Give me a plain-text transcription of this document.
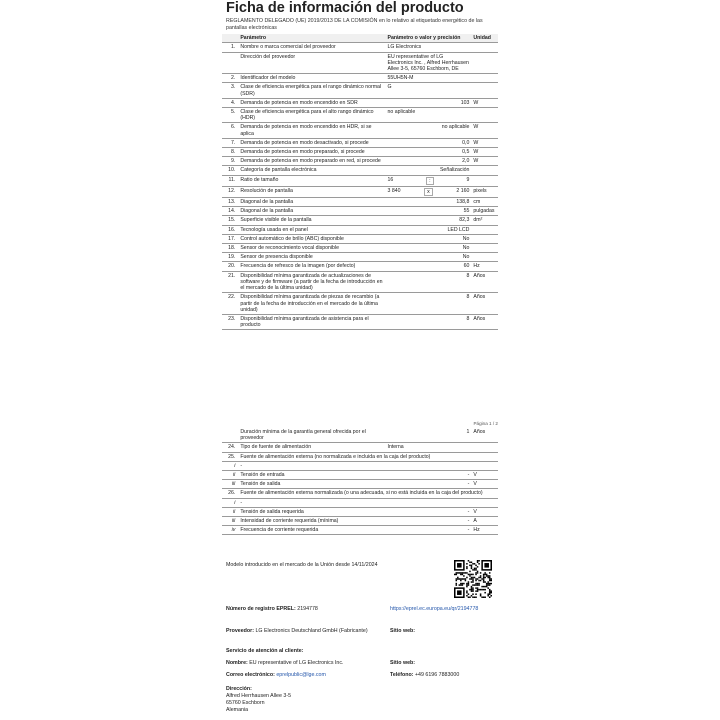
Ficha de información del producto
REGLAMENTO DELEGADO (UE) 2019/2013 DE LA COMISIÓN en lo relativo al etiquetado energético de las pantallas electrónicas
	Parámetro	Parámetro o valor y precisión	Unidad
1.	Nombre o marca comercial del proveedor	LG Electronics	
	Dirección del proveedor	EU representative of LG Electronics Inc. , Alfred Herrhausen Allee 3-5, 65760 Eschborn, DE	
2.	Identificador del modelo	55UH5N-M	
3.	Clase de eficiencia energética para el rango dinámico normal (SDR)	G	
4.	Demanda de potencia en modo encendido en SDR	103	W
5.	Clase de eficiencia energética para el alto rango dinámico (HDR)	no aplicable	
6.	Demanda de potencia en modo encendido en HDR, si se aplica	no aplicable	W
7.	Demanda de potencia en modo desactivado, si procede	0,0	W
8.	Demanda de potencia en modo preparado, si procede	0,5	W
9.	Demanda de potencia en modo preparado en red, si procede	2,0	W
10.	Categoría de pantalla electrónica	Señalización	
11.	Ratio de tamaño	16 : 9	

12.	Resolución de pantalla	3 840 x 2 160	pixels
13.	Diagonal de la pantalla	138,8	cm
14.	Diagonal de la pantalla	55	pulgadas
15.	Superficie visible de la pantalla	82,3	dm²
16.	Tecnología usada en el panel	LED LCD	
17.	Control automático de brillo (ABC) disponible	No	
18.	Sensor de reconocimiento vocal disponible	No	
19.	Sensor de presencia disponible	No	
20.	Frecuencia de refresco de la imagen (por defecto)	60	Hz
21.	Disponibilidad mínima garantizada de actualizaciones de software y de firmware (a partir de la fecha de introducción en el mercado de la última unidad)	8	Años
22.	Disponibilidad mínima garantizada de piezas de recambio (a partir de la fecha de introducción en el mercado de la última unidad)	8	Años
23.	Disponibilidad mínima garantizada de asistencia para el producto	8	Años
Página 1 / 2
	Duración mínima de la garantía general ofrecida por el proveedor	1	Años
24.	Tipo de fuente de alimentación	Interna	
25.	Fuente de alimentación externa (no normalizada e incluida en la caja del producto)		
i	-		
ii	Tensión de entrada	-	V
iii	Tensión de salida	-	V
26.	Fuente de alimentación externa normalizada (o una adecuada, si no está incluida en la caja del producto)		
i	-		
ii	Tensión de salida requerida	-	V
iii	Intensidad de corriente requerida (mínima)	-	A
iv	Frecuencia de corriente requerida	-	Hz
Modelo introducido en el mercado de la Unión desde 14/11/2024
Número de registro EPREL: 2194778	https://eprel.ec.europa.eu/qr/2194778
Proveedor: LG Electronics Deutschland GmbH (Fabricante)	Sitio web:
Servicio de atención al cliente:
Nombre: EU representative of LG Electronics Inc.	Sitio web:
Correo electrónico: eprelpublic@lge.com	Teléfono: +49 6196 7883000
Dirección:
Alfred Herrhausen Allee 3-5
65760 Eschborn
Alemania
